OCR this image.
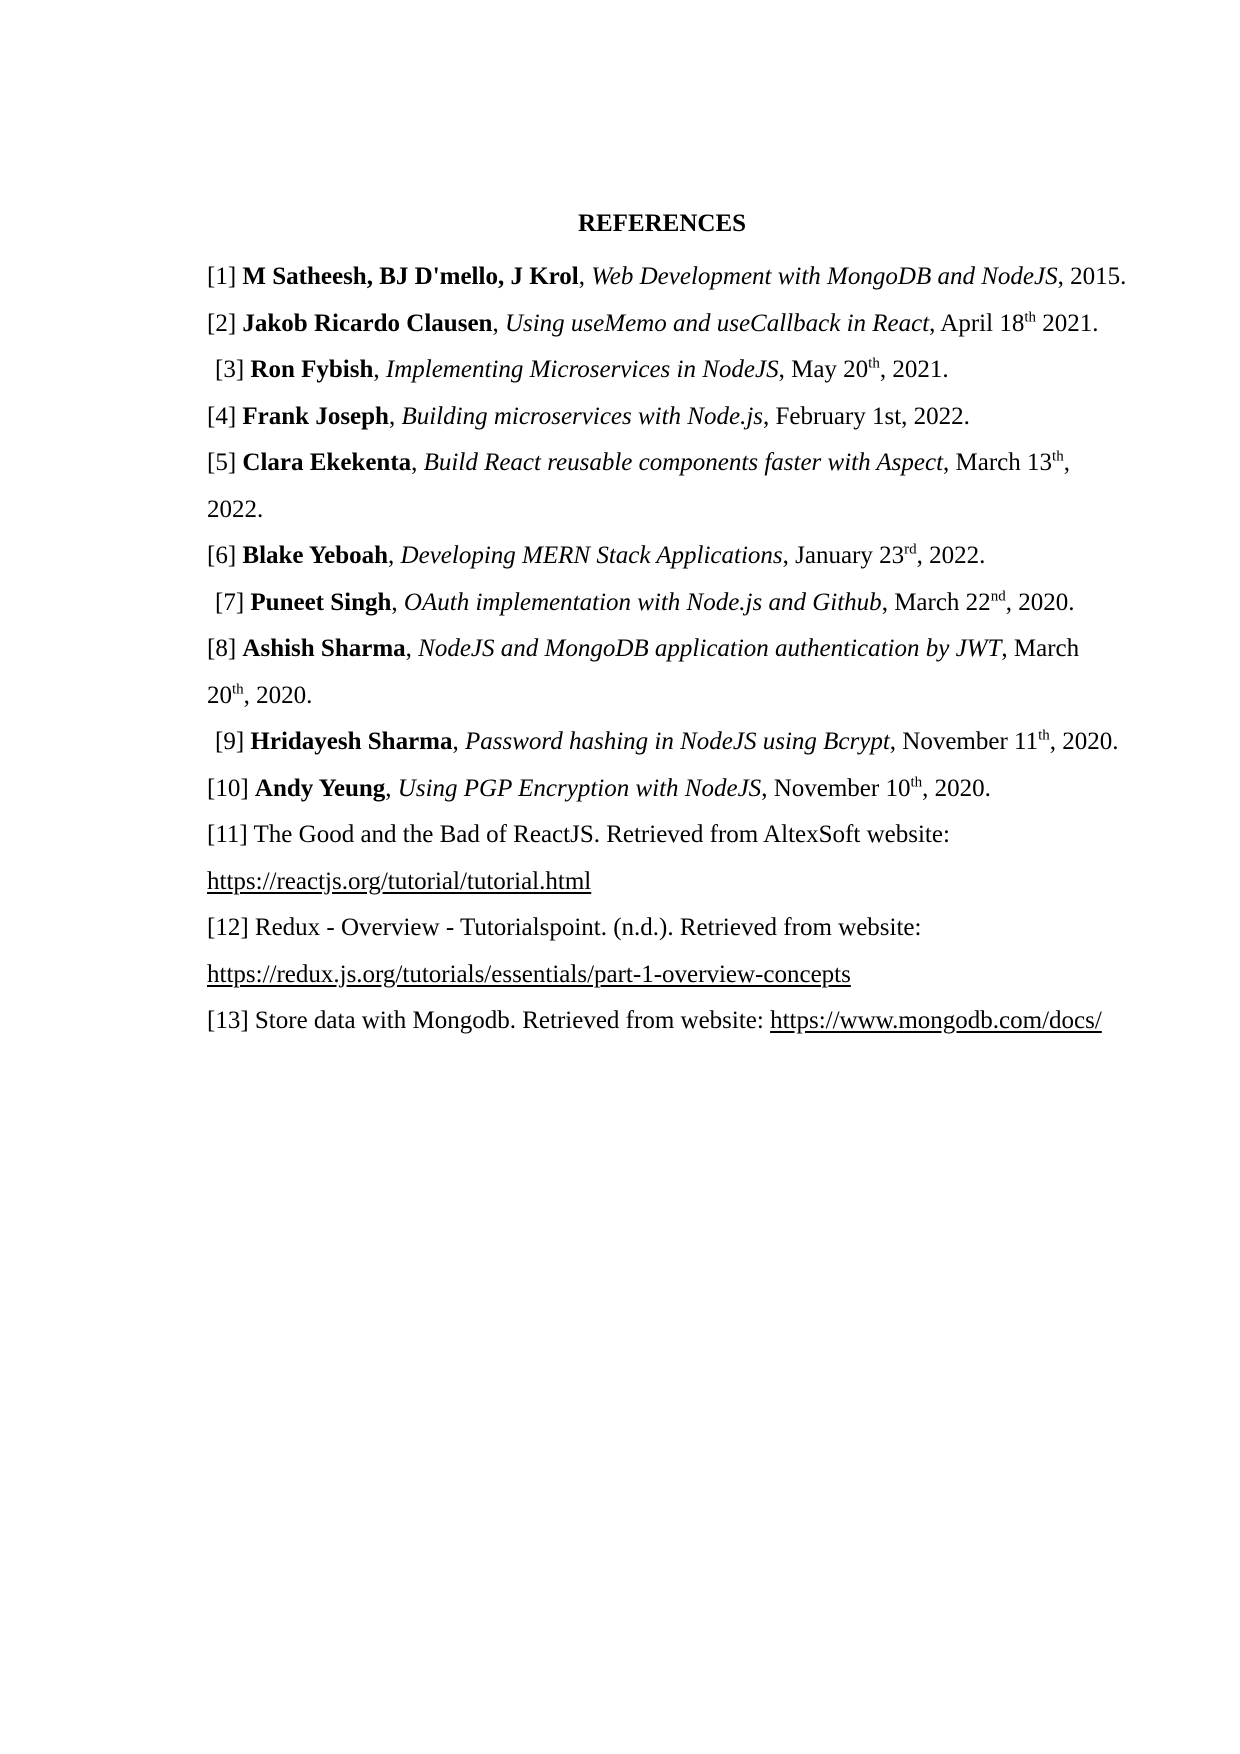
REFERENCES

[1] M Satheesh, BJ D'mello, J Krol, Web Development with MongoDB and NodeJS, 2015.

[2] Jakob Ricardo Clausen, Using useMemo and useCallback in React, April 18th 2021.

[3] Ron Fybish, Implementing Microservices in NodeJS, May 20th, 2021.

[4] Frank Joseph, Building microservices with Node.js, February 1st, 2022.

[5] Clara Ekekenta, Build React reusable components faster with Aspect, March 13th, 2022.

[6] Blake Yeboah, Developing MERN Stack Applications, January 23rd, 2022.

[7] Puneet Singh, OAuth implementation with Node.js and Github, March 22nd, 2020.

[8] Ashish Sharma, NodeJS and MongoDB application authentication by JWT, March 20th, 2020.

[9] Hridayesh Sharma, Password hashing in NodeJS using Bcrypt, November 11th, 2020.

[10] Andy Yeung, Using PGP Encryption with NodeJS, November 10th, 2020.

[11] The Good and the Bad of ReactJS. Retrieved from AltexSoft website: https://reactjs.org/tutorial/tutorial.html

[12] Redux - Overview - Tutorialspoint. (n.d.). Retrieved from website: https://redux.js.org/tutorials/essentials/part-1-overview-concepts

[13] Store data with Mongodb. Retrieved from website: https://www.mongodb.com/docs/
